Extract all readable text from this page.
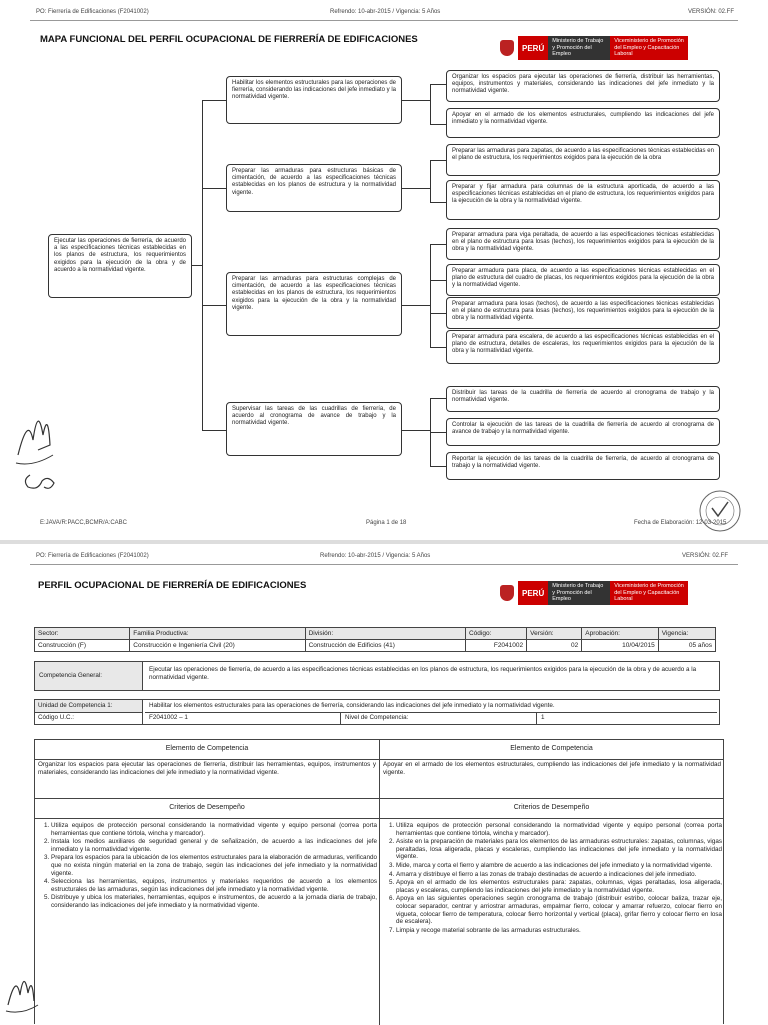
PO: Fierrería de Edificaciones (F2041002)	Refrendo: 10-abr-2015 / Vigencia: 5 Años	VERSIÓN: 02.FF
MAPA FUNCIONAL DEL PERFIL OCUPACIONAL DE FIERRERÍA DE EDIFICACIONES
PERÚ
Ministerio de Trabajo y Promoción del Empleo
Viceministerio de Promoción del Empleo y Capacitación Laboral
Ejecutar las operaciones de fierrería, de acuerdo a las especificaciones técnicas establecidas en los planos de estructura, los requerimientos exigidos para la ejecución de la obra y de acuerdo a la normatividad vigente.
Habilitar los elementos estructurales para las operaciones de fierrería, considerando las indicaciones del jefe inmediato y la normatividad vigente.
Preparar las armaduras para estructuras básicas de cimentación, de acuerdo a las especificaciones técnicas establecidas en los planos de estructura y la normatividad vigente.
Preparar las armaduras para estructuras complejas de cimentación, de acuerdo a las especificaciones técnicas establecidas en los planos de estructura, los requerimientos exigidos para la ejecución de la obra y la normatividad vigente.
Supervisar las tareas de las cuadrillas de fierrería, de acuerdo al cronograma de avance de trabajo y la normatividad vigente.
Organizar los espacios para ejecutar las operaciones de fierrería, distribuir las herramientas, equipos, instrumentos y materiales, considerando las indicaciones del jefe inmediato y la normatividad vigente.
Apoyar en el armado de los elementos estructurales, cumpliendo las indicaciones del jefe inmediato y la normatividad vigente.
Preparar las armaduras para zapatas, de acuerdo a las especificaciones técnicas establecidas en el plano de estructura, los requerimientos exigidos para la ejecución de la obra
Preparar y fijar armadura para columnas de la estructura aporticada, de acuerdo a las especificaciones técnicas establecidas en el plano de estructura, los requerimientos exigidos para la ejecución de la obra y la normatividad vigente.
Preparar armadura para viga peraltada, de acuerdo a las especificaciones técnicas establecidas en el plano de estructura para losas (techos), los requerimientos exigidos para la ejecución de la obra y la normatividad vigente.
Preparar armadura para placa, de acuerdo a las especificaciones técnicas establecidas en el plano de estructura del cuadro de placas, los requerimientos exigidos para la ejecución de la obra y la normatividad vigente.
Preparar armadura para losas (techos), de acuerdo a las especificaciones técnicas establecidas en el plano de estructura para losas (techos), los requerimientos exigidos para la ejecución de la obra y la normatividad vigente.
Preparar armadura para escalera, de acuerdo a las especificaciones técnicas establecidas en el plano de estructura, detalles de escaleras, los requerimientos exigidos para la ejecución de la obra y la normatividad vigente.
Distribuir las tareas de la cuadrilla de fierrería de acuerdo al cronograma de trabajo y la normatividad vigente.
Controlar la ejecución de las tareas de la cuadrilla de fierrería de acuerdo al cronograma de avance de trabajo y la normatividad vigente.
Reportar la ejecución de las tareas de la cuadrilla de fierrería, de acuerdo al cronograma de trabajo y la normatividad vigente.
E:JAVA/R:PACC,BCMR/A:CABC	Página 1 de 18	Fecha de Elaboración: 12-03-2015
PO: Fierrería de Edificaciones (F2041002)	Refrendo: 10-abr-2015 / Vigencia: 5 Años	VERSIÓN: 02.FF
PERFIL OCUPACIONAL DE FIERRERÍA DE EDIFICACIONES
PERÚ
Ministerio de Trabajo y Promoción del Empleo
Viceministerio de Promoción del Empleo y Capacitación Laboral
Sector:	Familia Productiva:	División:	Código:	Versión:	Aprobación:	Vigencia:
Construcción (F)	Construcción e Ingeniería Civil (20)	Construcción de Edificios (41)	F2041002	02	10/04/2015	05 años
Competencia General:
Ejecutar las operaciones de fierrería, de acuerdo a las especificaciones técnicas establecidas en los planos de estructura, los requerimientos exigidos para la ejecución de la obra y de acuerdo a la normatividad vigente.
Unidad de Competencia 1:	Habilitar los elementos estructurales para las operaciones de fierrería, considerando las indicaciones del jefe inmediato y la normatividad vigente.
Código U.C.:	F2041002 – 1	Nivel de Competencia:	1
Elemento de Competencia	Elemento de Competencia
Organizar los espacios para ejecutar las operaciones de fierrería, distribuir las herramientas, equipos, instrumentos y materiales, considerando las indicaciones del jefe inmediato y la normatividad vigente.
Apoyar en el armado de los elementos estructurales, cumpliendo las indicaciones del jefe inmediato y la normatividad vigente.
Criterios de Desempeño	Criterios de Desempeño
1. Utiliza equipos de protección personal considerando la normatividad vigente y equipo personal (correa porta herramientas que contiene tórtola, wincha y marcador).
2. Instala los medios auxiliares de seguridad general y de señalización, de acuerdo a las indicaciones del jefe inmediato y la normatividad vigente.
3. Prepara los espacios para la ubicación de los elementos estructurales para la elaboración de armaduras, verificando que no exista ningún material en la zona de trabajo, según las indicaciones del jefe inmediato y la normatividad vigente.
4. Selecciona las herramientas, equipos, instrumentos y materiales requeridos de acuerdo a los elementos estructurales de las armaduras, según las indicaciones del jefe inmediato y la normatividad vigente.
5. Distribuye y ubica los materiales, herramientas, equipos e instrumentos, de acuerdo a la jornada diaria de trabajo, considerando las indicaciones del jefe inmediato y la normatividad vigente.
1. Utiliza equipos de protección personal considerando la normatividad vigente y equipo personal (correa porta herramientas que contiene tórtola, wincha y marcador).
2. Asiste en la preparación de materiales para los elementos de las armaduras estructurales: zapatas, columnas, vigas peraltadas, losa aligerada, placas y escaleras, cumpliendo las indicaciones del jefe inmediato y la normatividad vigente.
3. Mide, marca y corta el fierro y alambre de acuerdo a las indicaciones del jefe inmediato y la normatividad vigente.
4. Amarra y distribuye el fierro a las zonas de trabajo destinadas de acuerdo a indicaciones del jefe inmediato.
5. Apoya en el armado de los elementos estructurales para: zapatas, columnas, vigas peraltadas, losa aligerada, placas y escaleras, cumpliendo las indicaciones del jefe inmediato y la normatividad vigente.
6. Apoya en las siguientes operaciones según cronograma de trabajo (distribuir estribo, colocar baliza, trazar eje, colocar separador, centrar y arriostrar armaduras, empalmar fierro, colocar y amarrar refuerzo, colocar fierro en vigueta, colocar fierro de temperatura, colocar fierro horizontal y vertical (placa), grifar fierro y colocar fierro en losa de escalera).
7. Limpia y recoge material sobrante de las armaduras estructurales.
